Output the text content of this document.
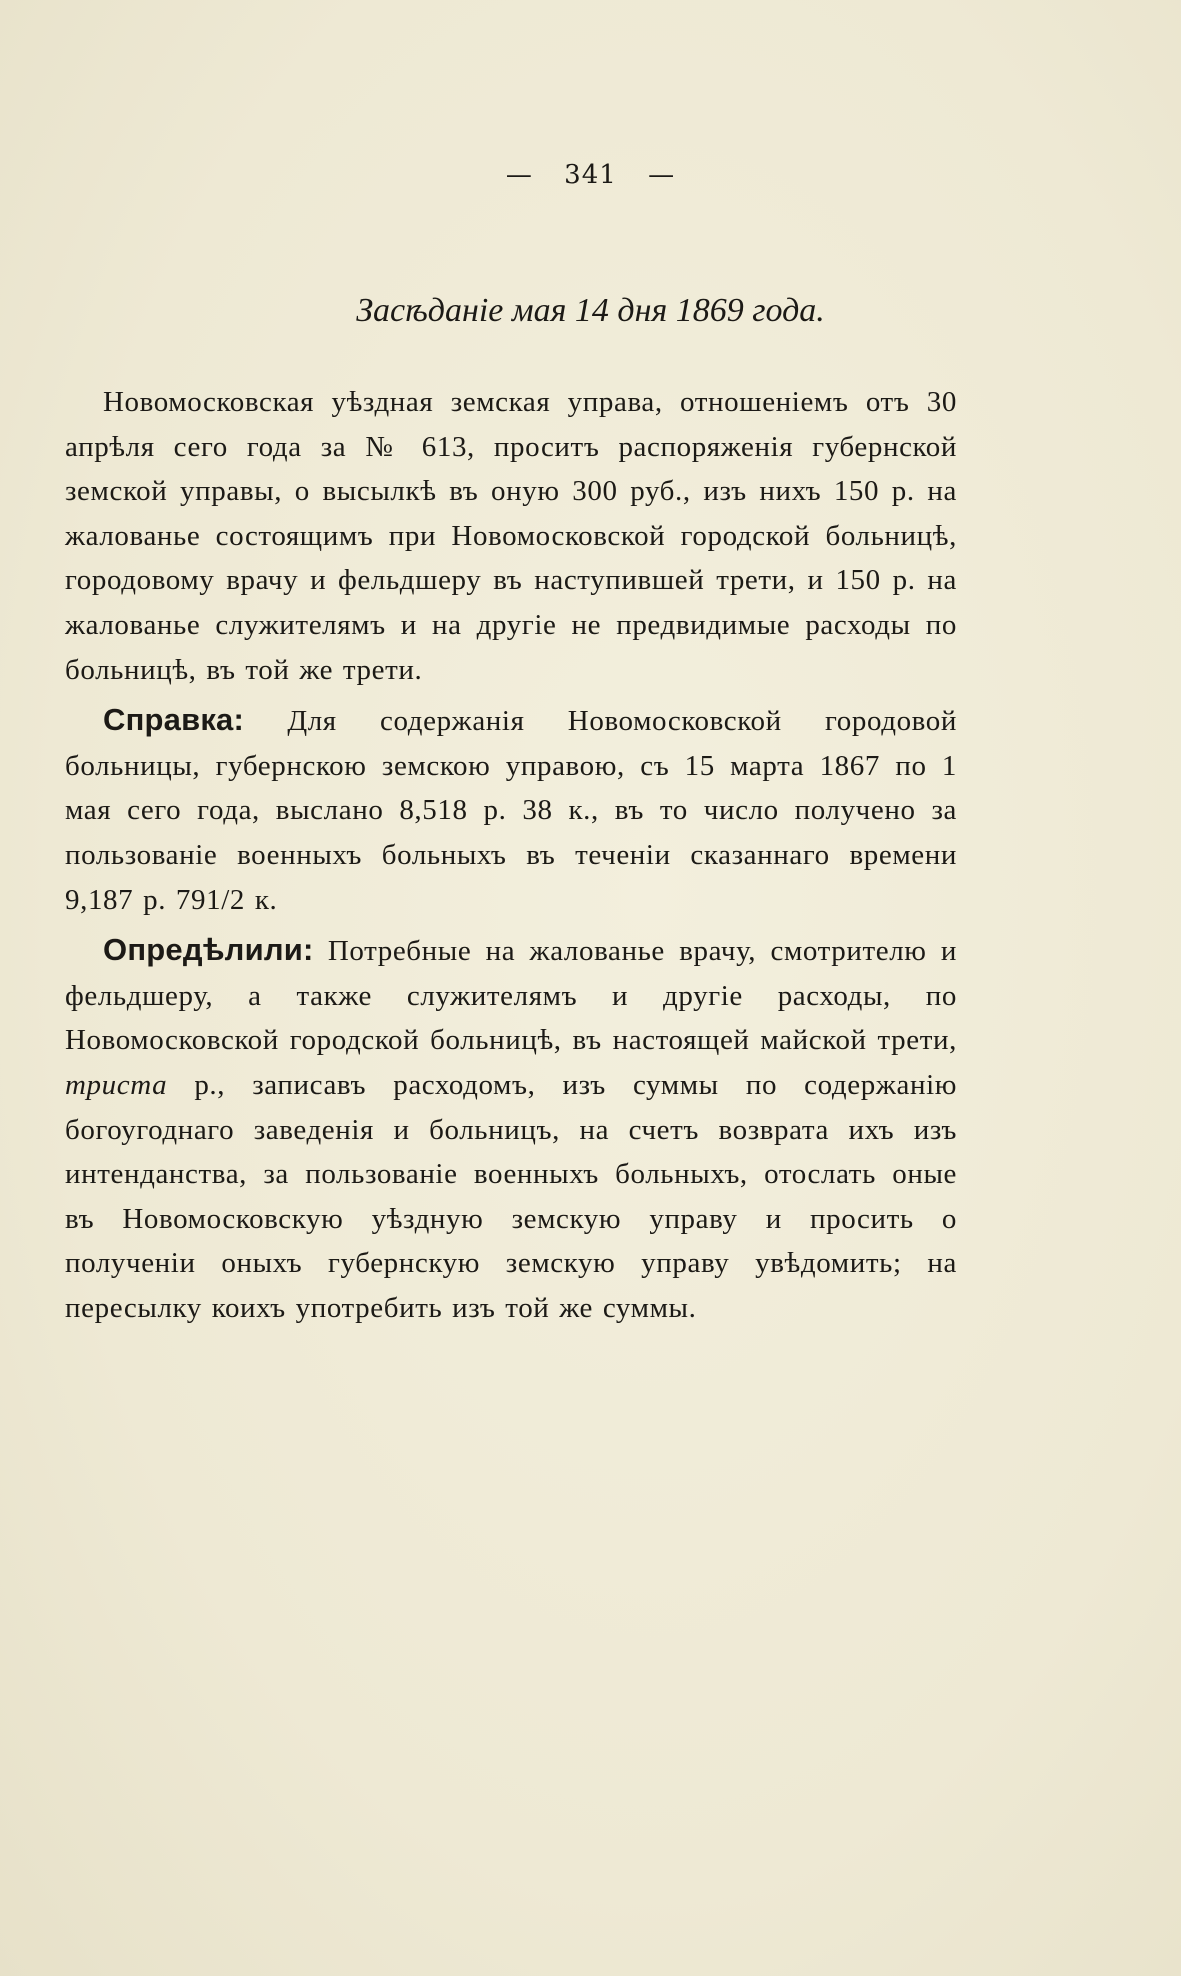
— 341 —
Засѣданіе мая 14 дня 1869 года.

Новомосковская уѣздная земская управа, отношеніемъ отъ 30 апрѣля сего года за № 613, проситъ распоряженія губернской земской управы, о высылкѣ въ оную 300 руб., изъ нихъ 150 р. на жалованье состоящимъ при Новомосковской городской больницѣ, городовому врачу и фельдшеру въ наступившей трети, и 150 р. на жалованье служителямъ и на другіе не предвидимые расходы по больницѣ, въ той же трети.

Справка: Для содержанія Новомосковской городовой больницы, губернскою земскою управою, съ 15 марта 1867 по 1 мая сего года, выслано 8,518 р. 38 к., въ то число получено за пользованіе военныхъ больныхъ въ теченіи сказаннаго времени 9,187 р. 791/2 к.

Опредѣлили: Потребные на жалованье врачу, смотрителю и фельдшеру, а также служителямъ и другіе расходы, по Новомосковской городской больницѣ, въ настоящей майской трети, триста р., записавъ расходомъ, изъ суммы по содержанію богоугоднаго заведенія и больницъ, на счетъ возврата ихъ изъ интенданства, за пользованіе военныхъ больныхъ, отослать оные въ Новомосковскую уѣздную земскую управу и просить о полученіи оныхъ губернскую земскую управу увѣдомить; на пересылку коихъ употребить изъ той же суммы.
